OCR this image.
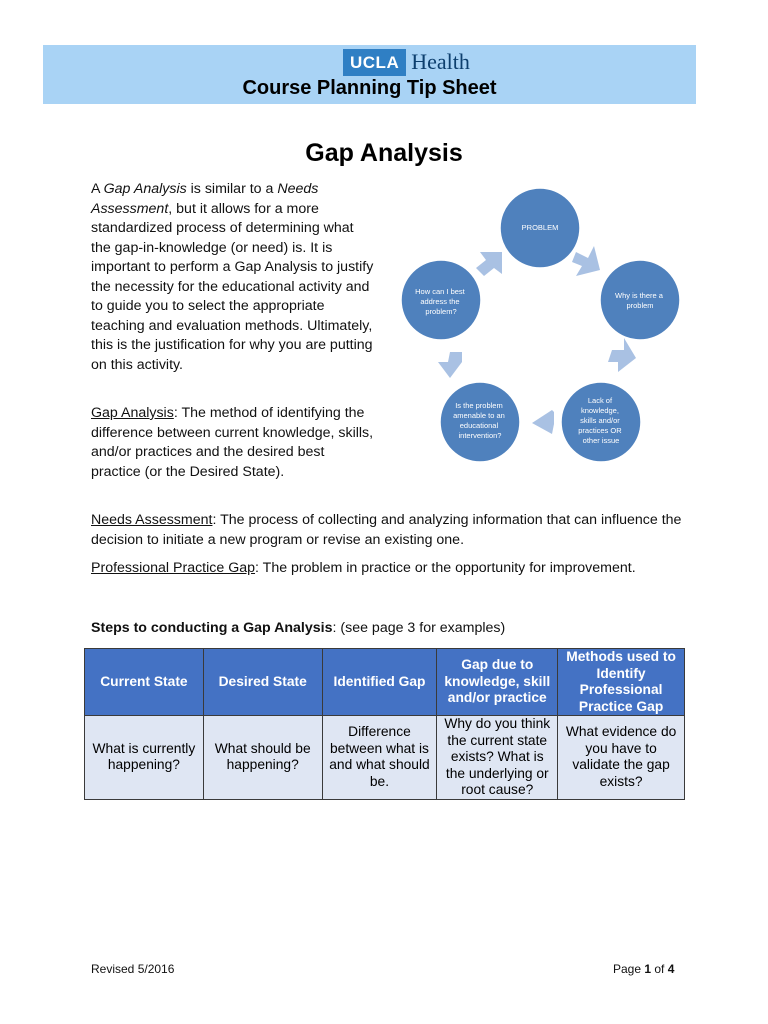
UCLA Health
Course Planning Tip Sheet
Gap Analysis

A Gap Analysis is similar to a Needs Assessment, but it allows for a more standardized process of determining what the gap-in-knowledge (or need) is. It is important to perform a Gap Analysis to justify the necessity for the educational activity and to guide you to select the appropriate teaching and evaluation methods. Ultimately, this is the justification for why you are putting on this activity.

Gap Analysis: The method of identifying the difference between current knowledge, skills, and/or practices and the desired best practice (or the Desired State).

Needs Assessment: The process of collecting and analyzing information that can influence the decision to initiate a new program or revise an existing one.

Professional Practice Gap: The problem in practice or the opportunity for improvement.

PROBLEM
Why is there a problem
Lack of knowledge, skills and/or practices OR other issue
Is the problem amenable to an educational intervention?
How can I best address the problem?

Steps to conducting a Gap Analysis: (see page 3 for examples)

Current State	Desired State	Identified Gap	Gap due to knowledge, skill and/or practice	Methods used to Identify Professional Practice Gap
What is currently happening?	What should be happening?	Difference between what is and what should be.	Why do you think the current state exists? What is the underlying or root cause?	What evidence do you have to validate the gap exists?
Revised 5/2016	Page 1 of 4
